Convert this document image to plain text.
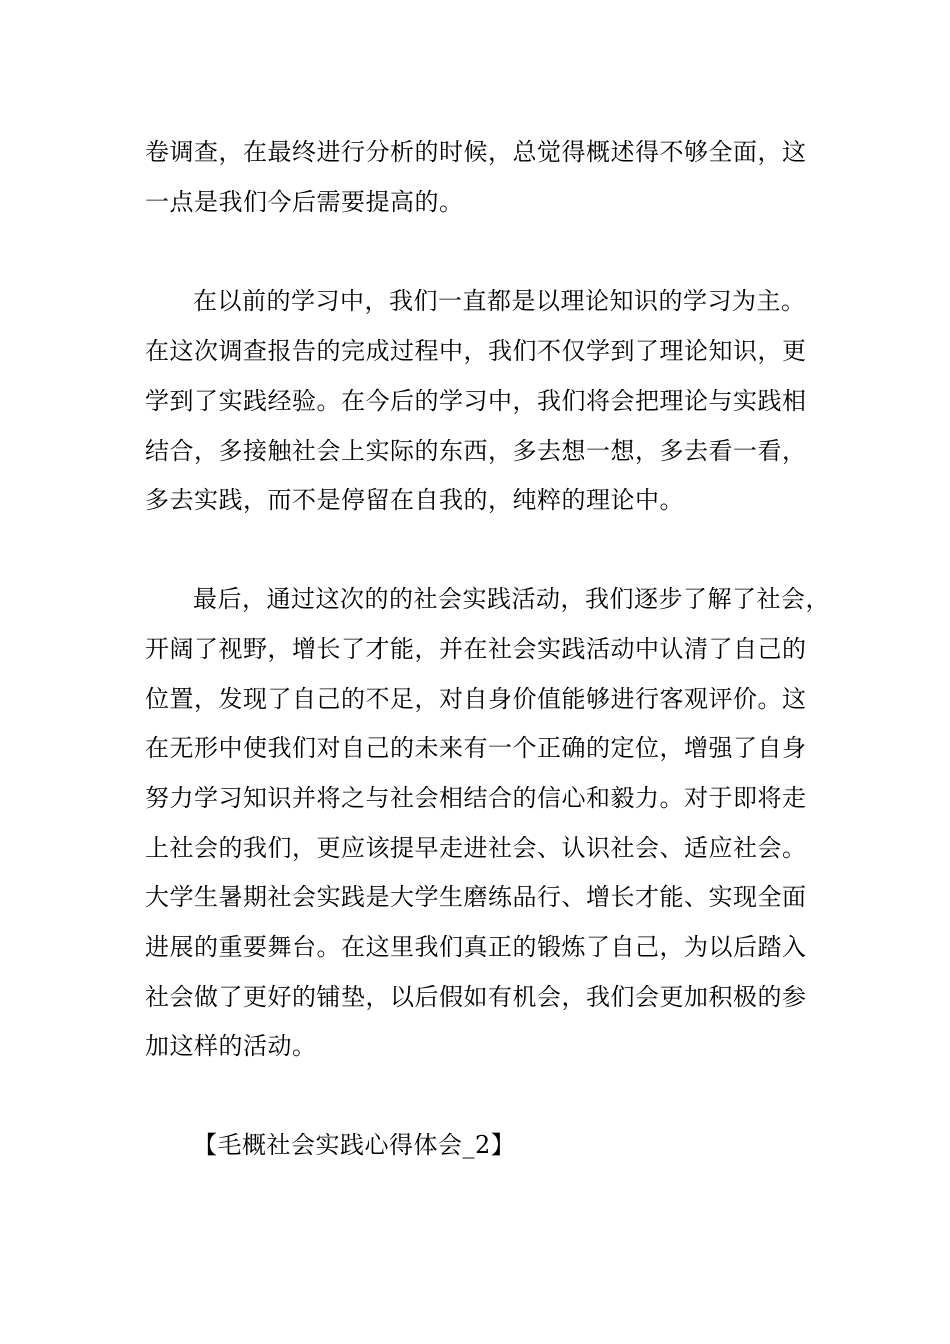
卷调查，在最终进行分析的时候，总觉得概述得不够全面，这
一点是我们今后需要提高的。
在以前的学习中，我们一直都是以理论知识的学习为主。
在这次调查报告的完成过程中，我们不仅学到了理论知识，更
学到了实践经验。在今后的学习中，我们将会把理论与实践相
结合，多接触社会上实际的东西，多去想一想，多去看一看，
多去实践，而不是停留在自我的，纯粹的理论中。
最后，通过这次的的社会实践活动，我们逐步了解了社会，
开阔了视野，增长了才能，并在社会实践活动中认清了自己的
位置，发现了自己的不足，对自身价值能够进行客观评价。这
在无形中使我们对自己的未来有一个正确的定位，增强了自身
努力学习知识并将之与社会相结合的信心和毅力。对于即将走
上社会的我们，更应该提早走进社会、认识社会、适应社会。
大学生暑期社会实践是大学生磨练品行、增长才能、实现全面
进展的重要舞台。在这里我们真正的锻炼了自己，为以后踏入
社会做了更好的铺垫，以后假如有机会，我们会更加积极的参
加这样的活动。
【毛概社会实践心得体会_2】
